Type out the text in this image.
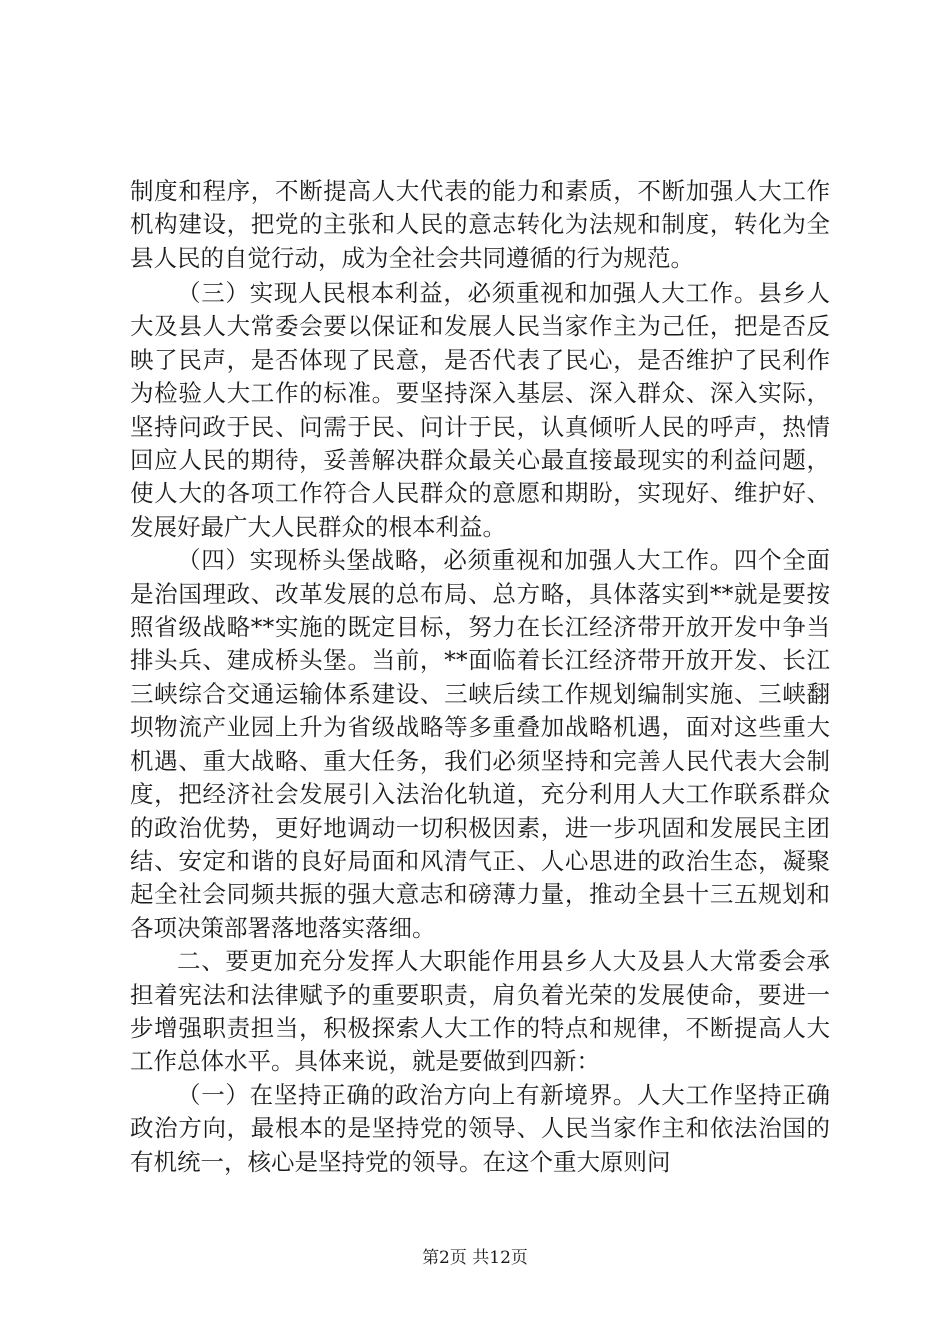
制度和程序，不断提高人大代表的能力和素质，不断加强人大工作机构建设，把党的主张和人民的意志转化为法规和制度，转化为全县人民的自觉行动，成为全社会共同遵循的行为规范。

（三）实现人民根本利益，必须重视和加强人大工作。县乡人大及县人大常委会要以保证和发展人民当家作主为己任，把是否反映了民声，是否体现了民意，是否代表了民心，是否维护了民利作为检验人大工作的标准。要坚持深入基层、深入群众、深入实际，坚持问政于民、问需于民、问计于民，认真倾听人民的呼声，热情回应人民的期待，妥善解决群众最关心最直接最现实的利益问题，使人大的各项工作符合人民群众的意愿和期盼，实现好、维护好、发展好最广大人民群众的根本利益。

（四）实现桥头堡战略，必须重视和加强人大工作。四个全面是治国理政、改革发展的总布局、总方略，具体落实到**就是要按照省级战略**实施的既定目标，努力在长江经济带开放开发中争当排头兵、建成桥头堡。当前，**面临着长江经济带开放开发、长江三峡综合交通运输体系建设、三峡后续工作规划编制实施、三峡翻坝物流产业园上升为省级战略等多重叠加战略机遇，面对这些重大机遇、重大战略、重大任务，我们必须坚持和完善人民代表大会制度，把经济社会发展引入法治化轨道，充分利用人大工作联系群众的政治优势，更好地调动一切积极因素，进一步巩固和发展民主团结、安定和谐的良好局面和风清气正、人心思进的政治生态，凝聚起全社会同频共振的强大意志和磅薄力量，推动全县十三五规划和各项决策部署落地落实落细。

二、要更加充分发挥人大职能作用县乡人大及县人大常委会承担着宪法和法律赋予的重要职责，肩负着光荣的发展使命，要进一步增强职责担当，积极探索人大工作的特点和规律，不断提高人大工作总体水平。具体来说，就是要做到四新：

（一）在坚持正确的政治方向上有新境界。人大工作坚持正确政治方向，最根本的是坚持党的领导、人民当家作主和依法治国的有机统一，核心是坚持党的领导。在这个重大原则问

第2页 共12页
